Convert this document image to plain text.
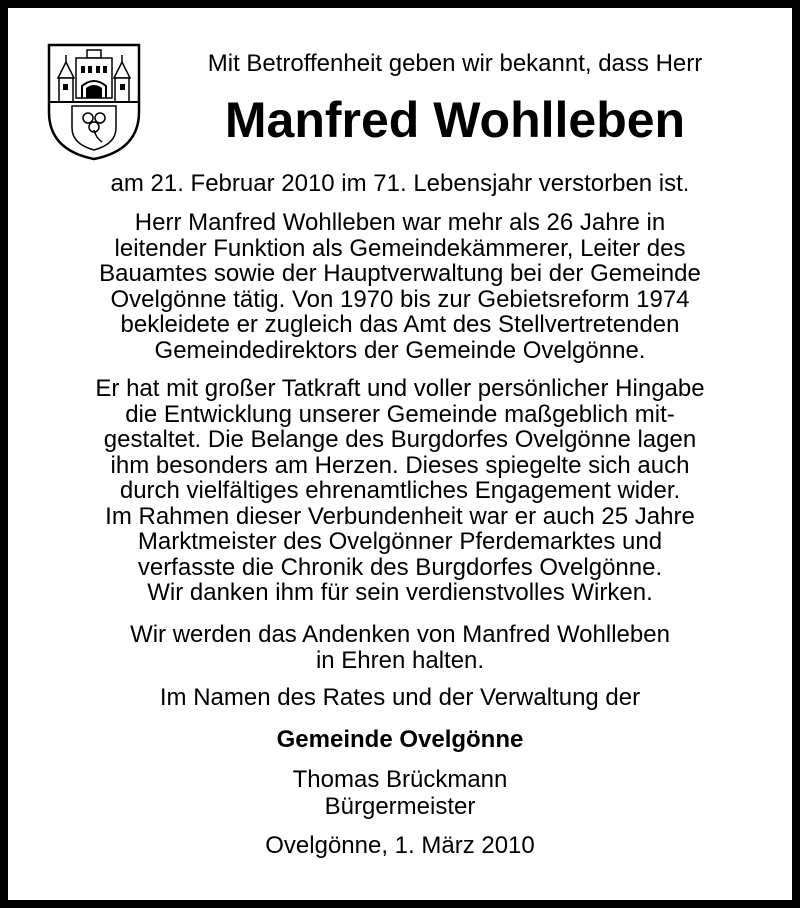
Mit Betroffenheit geben wir bekannt, dass Herr
Manfred Wohlleben
am 21. Februar 2010 im 71. Lebensjahr verstorben ist.
Herr Manfred Wohlleben war mehr als 26 Jahre in
leitender Funktion als Gemeindekämmerer, Leiter des
Bauamtes sowie der Hauptverwaltung bei der Gemeinde
Ovelgönne tätig. Von 1970 bis zur Gebietsreform 1974
bekleidete er zugleich das Amt des Stellvertretenden
Gemeindedirektors der Gemeinde Ovelgönne.
Er hat mit großer Tatkraft und voller persönlicher Hingabe
die Entwicklung unserer Gemeinde maßgeblich mit-
gestaltet. Die Belange des Burgdorfes Ovelgönne lagen
ihm besonders am Herzen. Dieses spiegelte sich auch
durch vielfältiges ehrenamtliches Engagement wider.
Im Rahmen dieser Verbundenheit war er auch 25 Jahre
Marktmeister des Ovelgönner Pferdemarktes und
verfasste die Chronik des Burgdorfes Ovelgönne.
Wir danken ihm für sein verdienstvolles Wirken.
Wir werden das Andenken von Manfred Wohlleben
in Ehren halten.
Im Namen des Rates und der Verwaltung der
Gemeinde Ovelgönne
Thomas Brückmann
Bürgermeister
Ovelgönne, 1. März 2010
